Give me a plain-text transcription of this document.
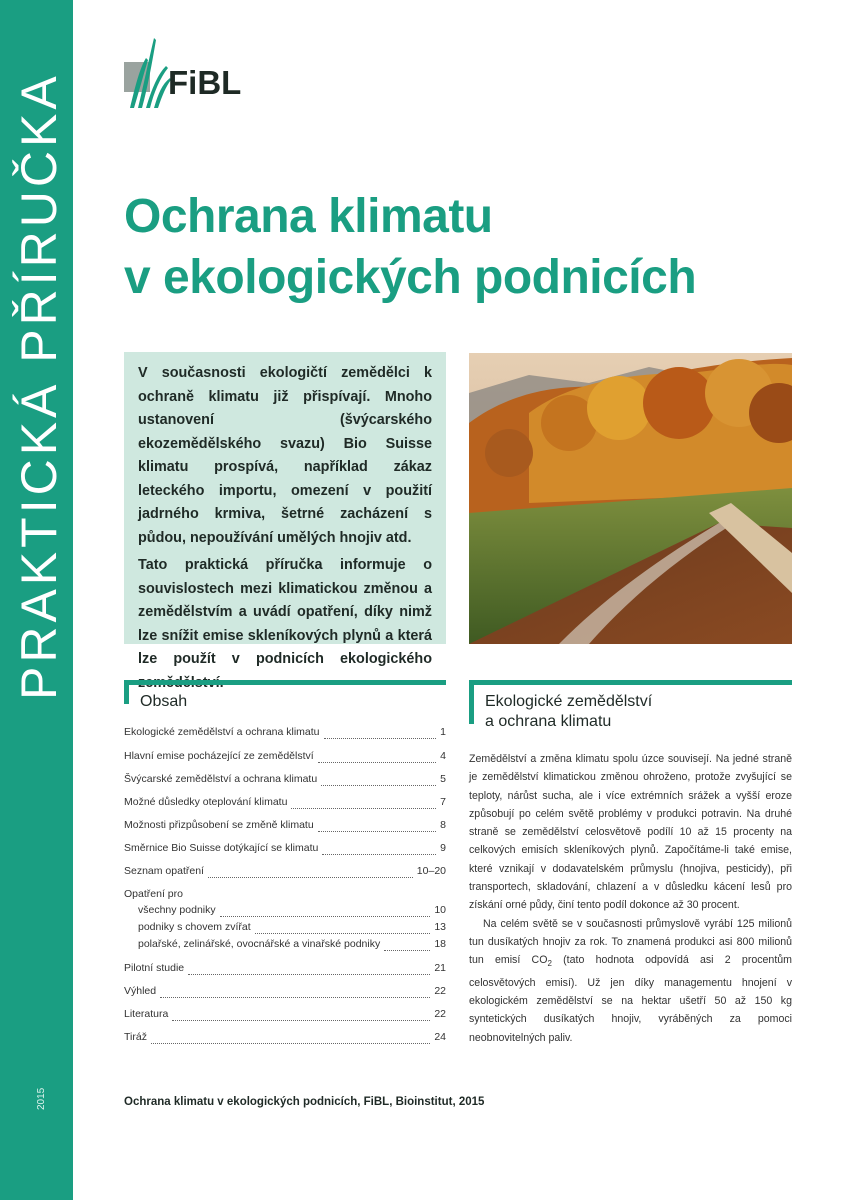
PRAKTICKÁ PŘÍRUČKA
2015
FiBL
Ochrana klimatu
v ekologických podnicích

V současnosti ekologičtí zemědělci k ochraně klimatu již přispívají. Mnoho ustanovení (švýcarského ekozemědělského svazu) Bio Suisse klimatu prospívá, například zákaz leteckého importu, omezení v použití jadrného krmiva, šetrné zacházení s půdou, nepoužívání umělých hnojiv atd.

Tato praktická příručka informuje o souvislostech mezi klimatickou změnou a zemědělstvím a uvádí opatření, díky nimž lze snížit emise skleníkových plynů a která lze použít v podnicích ekologického

Obsah
Ekologické zemědělství a ochrana klimatu	1
Hlavní emise pocházející ze zemědělství	4
Švýcarské zemědělství a ochrana klimatu	5
Možné důsledky oteplování klimatu	7
Možnosti přizpůsobení se změně klimatu	8
Směrnice Bio Suisse dotýkající se klimatu	9
Seznam opatření	10–20
Opatření pro
všechny podniky	10
podniky s chovem zvířat	13
polařské, zelinářské, ovocnářské a vinařské podniky	18
Pilotní studie	21
Výhled	22
Literatura	22
Tiráž	24
Ekologické zemědělství
a ochrana klimatu

Zemědělství a změna klimatu spolu úzce souvisejí. Na jedné straně je zemědělství klimatickou změnou ohroženo, protože zvyšující se teploty, nárůst sucha, ale i více extrémních srážek a vyšší eroze způsobují po celém světě problémy v produkci potravin. Na druhé straně se zemědělství celosvětově podílí 10 až 15 procenty na celkových emisích skleníkových plynů. Započítáme-li také emise, které vznikají v dodavatelském průmyslu (hnojiva, pesticidy), při transportech, skladování, chlazení a v důsledku kácení lesů pro získání orné půdy, činí tento podíl dokonce až 30 procent.

Na celém světě se v současnosti průmyslově vyrábí 125 milionů tun dusíkatých hnojiv za rok. To znamená produkci asi 800 milionů tun emisí $CO_2$ (tato hodnota odpovídá asi 2 procentům celosvětových emisí). Už jen díky managementu hnojení v ekologickém zemědělství se na hektar ušetří 50 až 150 kg syntetických dusíkatých hnojiv, vyráběných za pomoci neobnovitelných paliv.

Ochrana klimatu v ekologických podnicích, FiBL, Bioinstitut, 2015
